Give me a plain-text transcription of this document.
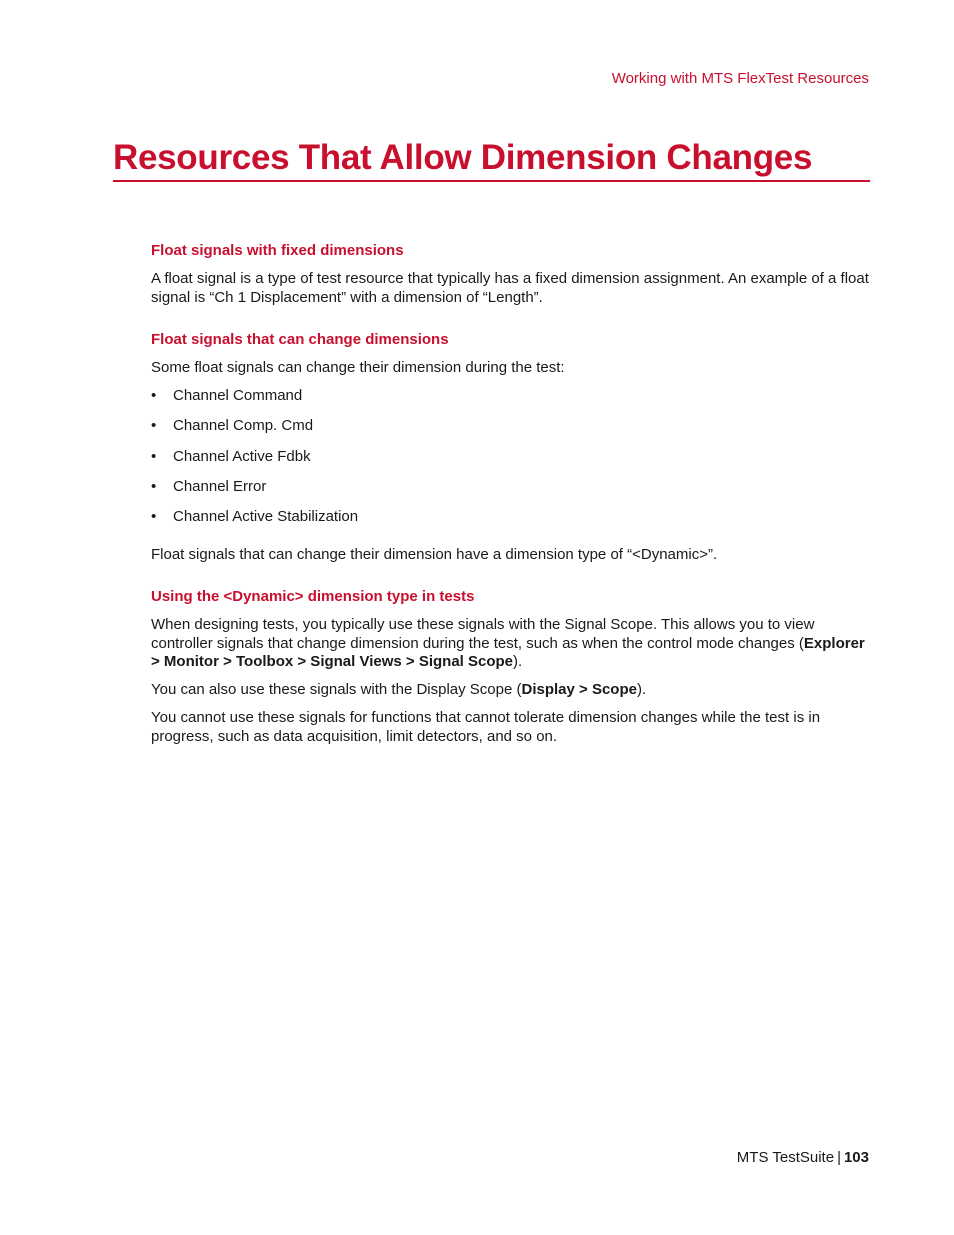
Working with MTS FlexTest Resources
Resources That Allow Dimension Changes
Float signals with fixed dimensions

A float signal is a type of test resource that typically has a fixed dimension assignment. An example of a float signal is “Ch 1 Displacement” with a dimension of “Length”.

Float signals that can change dimensions

Some float signals can change their dimension during the test:

• Channel Command
• Channel Comp. Cmd
• Channel Active Fdbk
• Channel Error
• Channel Active Stabilization

Float signals that can change their dimension have a dimension type of “<Dynamic>”.

Using the <Dynamic> dimension type in tests

When designing tests, you typically use these signals with the Signal Scope. This allows you to view controller signals that change dimension during the test, such as when the control mode changes (Explorer > Monitor > Toolbox > Signal Views > Signal Scope).

You can also use these signals with the Display Scope (Display > Scope).

You cannot use these signals for functions that cannot tolerate dimension changes while the test is in progress, such as data acquisition, limit detectors, and so on.

MTS TestSuite | 103
